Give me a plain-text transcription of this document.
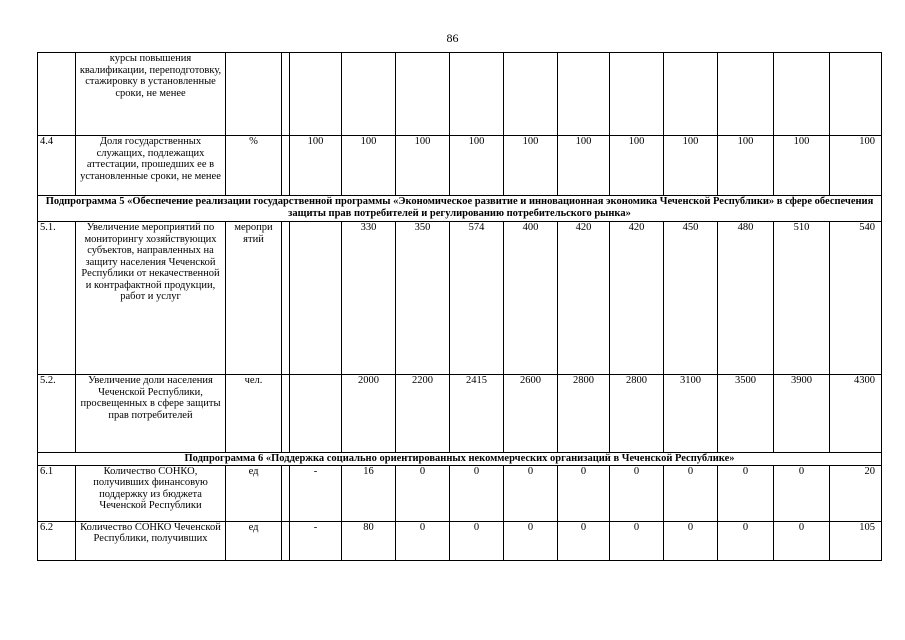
86
	курсы повышения квалификации, переподготовку, стажировку в установленные сроки, не менее													
4.4	Доля государственных служащих, подлежащих аттестации, прошедших ее в установленные сроки, не менее	%		100	100	100	100	100	100	100	100	100	100	100
Подпрограмма 5 «Обеспечение реализации государственной программы «Экономическое развитие и инновационная экономика Чеченской Республики» в сфере обеспечения защиты прав потребителей и регулированию потребительского рынка»														
5.1.	Увеличение мероприятий по мониторингу хозяйствующих субъектов, направленных на защиту населения Чеченской Республики от некачественной и контрафактной продукции, работ и услуг	меропри ятий			330	350	574	400	420	420	450	480	510	540
5.2.	Увеличение доли населения Чеченской Республики, просвещенных в сфере защиты прав потребителей	чел.			2000	2200	2415	2600	2800	2800	3100	3500	3900	4300
Подпрограмма 6 «Поддержка социально ориентированных некоммерческих организаций в Чеченской Республике»														
6.1	Количество СОНКО, получивших финансовую поддержку из бюджета Чеченской Республики	ед		-	16	0	0	0	0	0	0	0	0	20
6.2	Количество СОНКО Чеченской Республики, получивших	ед		-	80	0	0	0	0	0	0	0	0	105
